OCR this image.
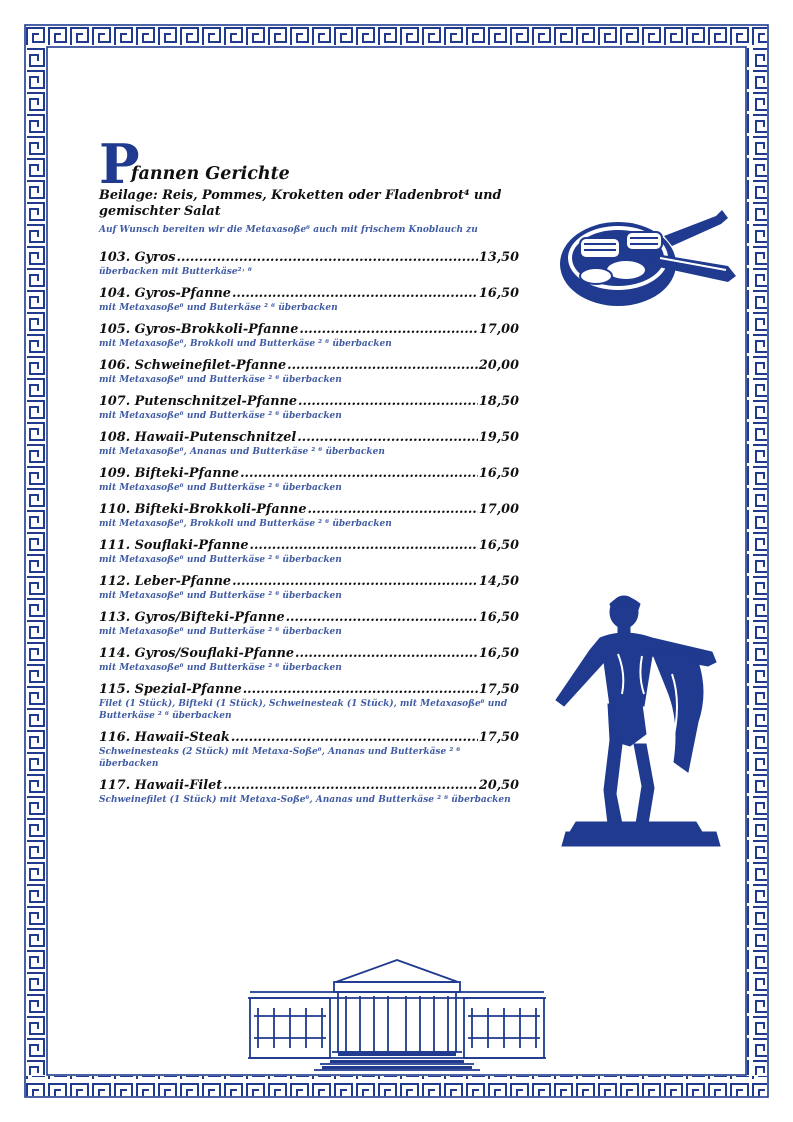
P
fannen Gerichte
Beilage: Reis, Pommes, Kroketten oder Fladenbrot⁴ und gemischter Salat
Auf Wunsch bereiten wir die Metaxasoße⁶ auch mit frischem Knoblauch zu
103. Gyros .....	13,50
überbacken mit Butterkäse²˒ ⁶
104. Gyros-Pfanne .....	16,50
mit Metaxasoße⁶ und Buterkäse ² ⁶ überbacken
105. Gyros-Brokkoli-Pfanne .....	17,00
mit Metaxasoße⁶, Brokkoli und Butterkäse ² ⁶ überbacken
106. Schweinefilet-Pfanne .....	20,00
mit Metaxasoße⁶ und Butterkäse ² ⁶ überbacken
107. Putenschnitzel-Pfanne .....	18,50
mit Metaxasoße⁶ und Butterkäse ² ⁶ überbacken
108. Hawaii-Putenschnitzel .....	19,50
mit Metaxasoße⁶, Ananas und Butterkäse ² ⁶ überbacken
109. Bifteki-Pfanne .....	16,50
mit Metaxasoße⁶ und Butterkäse ² ⁶ überbacken
110. Bifteki-Brokkoli-Pfanne .....	17,00
mit Metaxasoße⁶, Brokkoli und Butterkäse ² ⁶ überbacken
111. Souflaki-Pfanne .....	16,50
mit Metaxasoße⁶ und Butterkäse ² ⁶ überbacken
112. Leber-Pfanne .....	14,50
mit Metaxasoße⁶ und Butterkäse ² ⁶ überbacken
113. Gyros/Bifteki-Pfanne .....	16,50
mit Metaxasoße⁶ und Butterkäse ² ⁶ überbacken
114. Gyros/Souflaki-Pfanne .....	16,50
mit Metaxasoße⁶ und Butterkäse ² ⁶ überbacken
115. Spezial-Pfanne .....	17,50
Filet (1 Stück), Bifteki (1 Stück), Schweinesteak (1 Stück), mit Metaxasoße⁶ und Butterkäse ² ⁶ überbacken
116. Hawaii-Steak .....	17,50
Schweinesteaks (2 Stück) mit Metaxa-Soße⁶, Ananas und Butterkäse ² ⁶ überbacken
117. Hawaii-Filet .....	20,50
Schweinefilet (1 Stück) mit Metaxa-Soße⁶, Ananas und Butterkäse ² ⁶ überbacken
